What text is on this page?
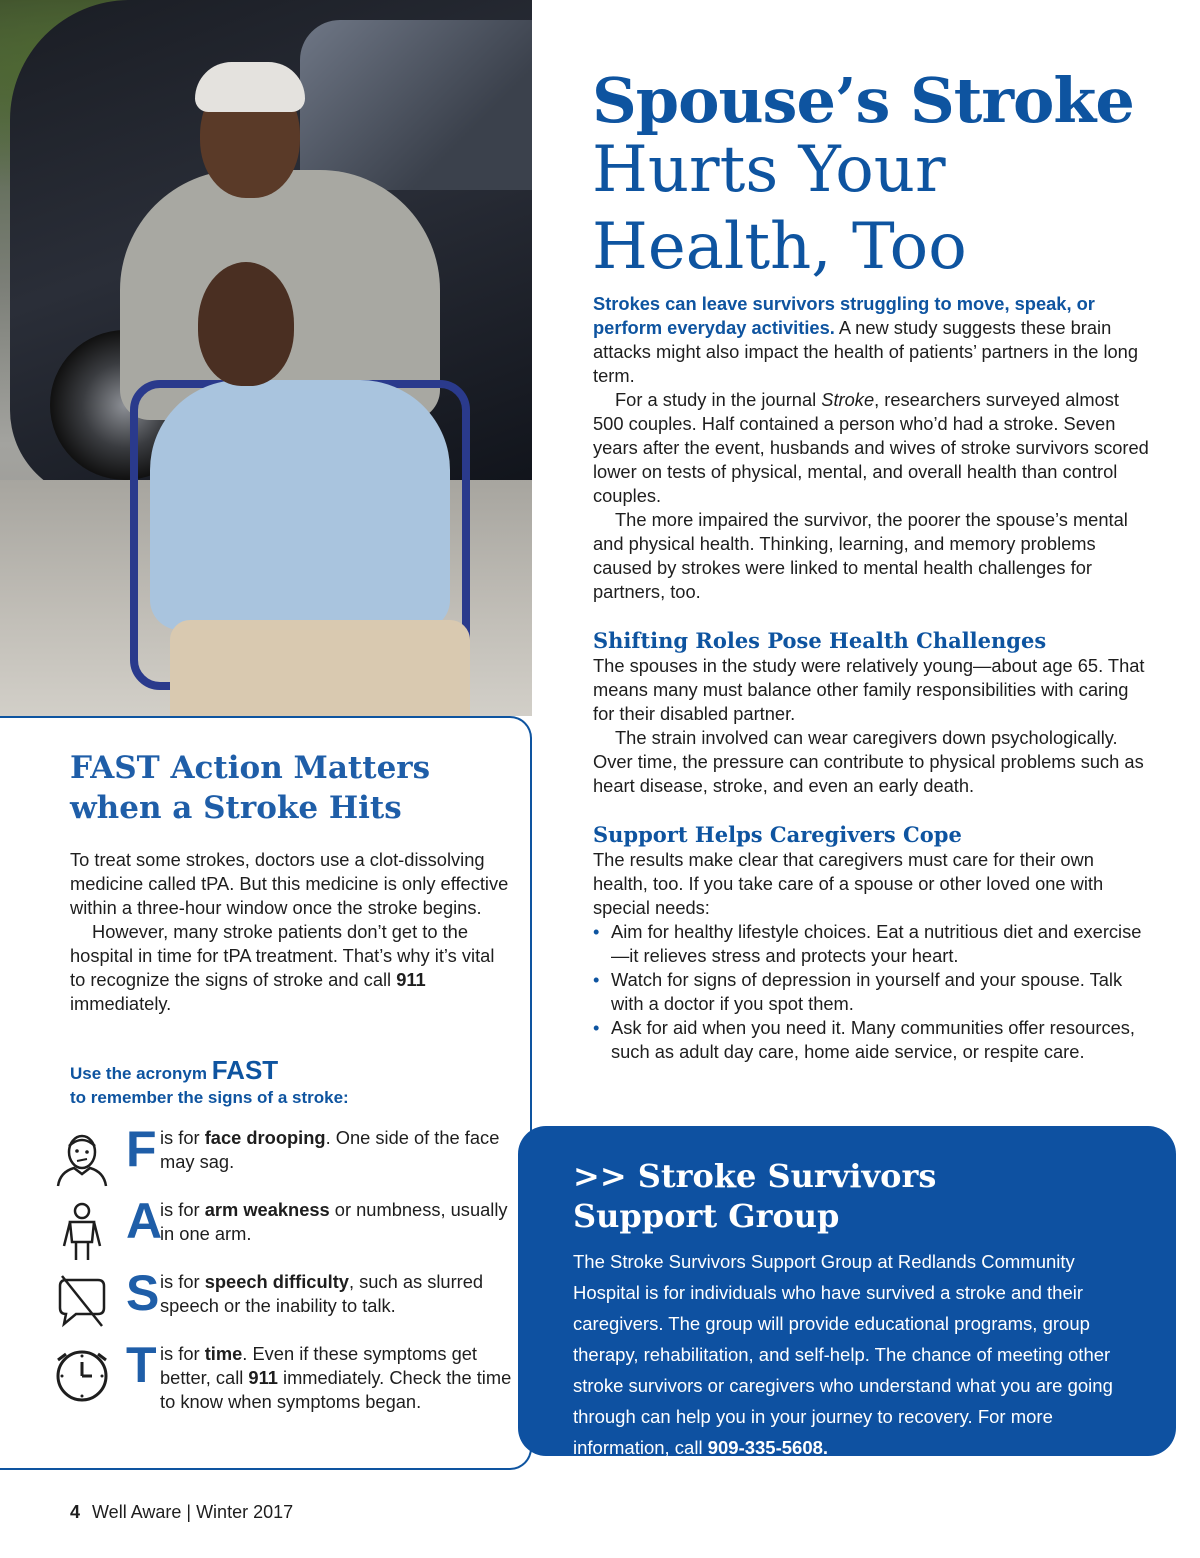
Spouse’s Stroke
Hurts Your
Health, Too

Strokes can leave survivors struggling to move, speak, or perform everyday activities. A new study suggests these brain attacks might also impact the health of patients’ partners in the long term.

For a study in the journal Stroke, researchers surveyed almost 500 couples. Half contained a person who’d had a stroke. Seven years after the event, husbands and wives of stroke survivors scored lower on tests of physical, mental, and overall health than control couples.

The more impaired the survivor, the poorer the spouse’s mental and physical health. Thinking, learning, and memory problems caused by strokes were linked to mental health challenges for partners, too.

Shifting Roles Pose Health Challenges

The spouses in the study were relatively young—about age 65. That means many must balance other family responsibilities with caring for their disabled partner.

The strain involved can wear caregivers down psychologically. Over time, the pressure can contribute to physical problems such as heart disease, stroke, and even an early death.

Support Helps Caregivers Cope

The results make clear that caregivers must care for their own health, too. If you take care of a spouse or other loved one with special needs:

• Aim for healthy lifestyle choices. Eat a nutritious diet and exercise—it relieves stress and protects your heart.
• Watch for signs of depression in yourself and your spouse. Talk with a doctor if you spot them.
• Ask for aid when you need it. Many communities offer resources, such as adult day care, home aide service, or respite care.
FAST Action Matters
when a Stroke Hits

To treat some strokes, doctors use a clot-dissolving medicine called tPA. But this medicine is only effective within a three-hour window once the stroke begins.

However, many stroke patients don’t get to the hospital in time for tPA treatment. That’s why it’s vital to recognize the signs of stroke and call 911 immediately.

Use the acronym FAST
to remember the signs of a stroke:
F is for face drooping. One side of the face may sag.
A
is for arm weakness or numbness, usually in one arm.
S is for speech difficulty, such as slurred speech or the inability to talk.
T is for time. Even if these symptoms get better, call 911 immediately. Check the time to know when symptoms began.
>> Stroke Survivors
Support Group

The Stroke Survivors Support Group at Redlands Community Hospital is for individuals who have survived a stroke and their caregivers. The group will provide educational programs, group therapy, rehabilitation, and self-help. The chance of meeting other stroke survivors or caregivers who understand what you are going through can help you in your journey to recovery. For more information, call 909-335-5608.

4 Well Aware | Winter 2017
